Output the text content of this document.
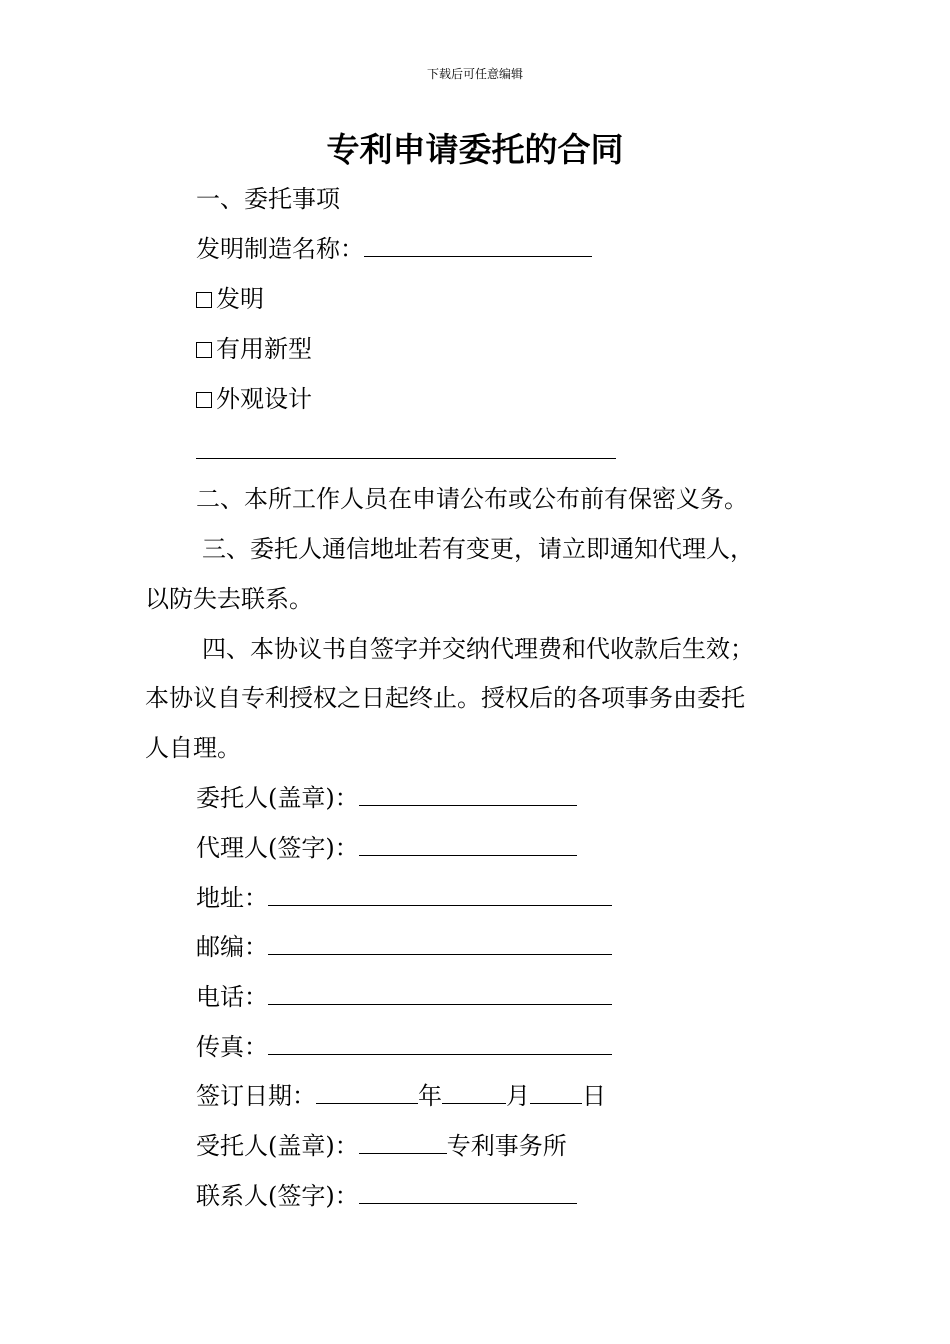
下载后可任意编辑
专利申请委托的合同
一、委托事项
发明制造名称：
发明
有用新型
外观设计
二、本所工作人员在申请公布或公布前有保密义务。
三、委托人通信地址若有变更，请立即通知代理人，
以防失去联系。
四、本协议书自签字并交纳代理费和代收款后生效；
本协议自专利授权之日起终止。授权后的各项事务由委托
人自理。
委托人(盖章)：
代理人(签字)：
地址：
邮编：
电话：
传真：
签订日期：	年	月 日
受托人(盖章)：	专利事务所
联系人(签字)：
